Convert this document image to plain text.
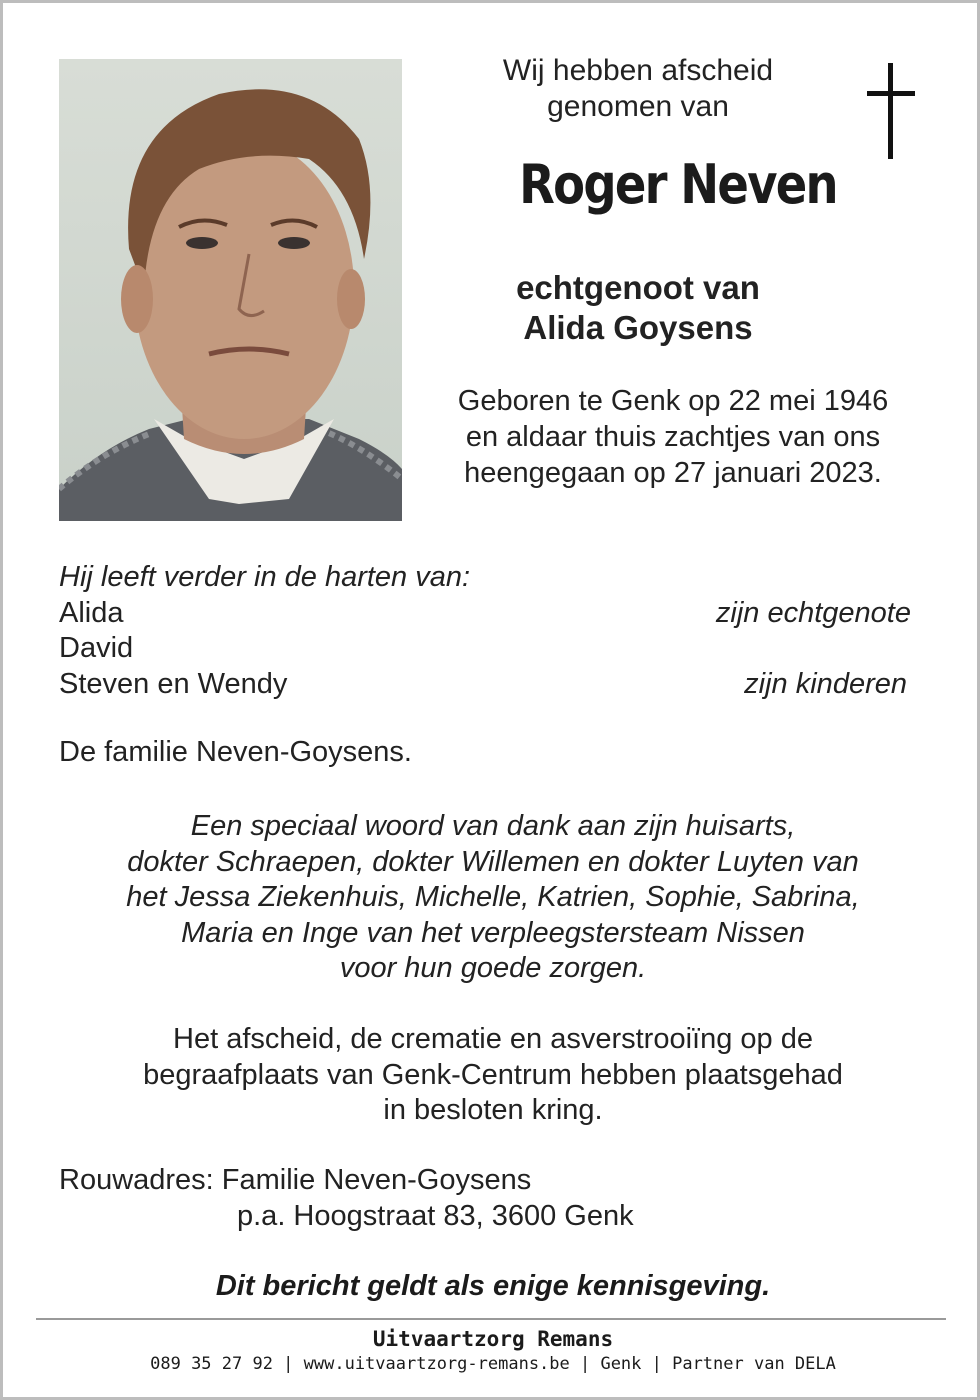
Wij hebben afscheid
genomen van
Roger Neven
echtgenoot van
Alida Goysens
Geboren te Genk op 22 mei 1946
en aldaar thuis zachtjes van ons
heengegaan op 27 januari 2023.
Hij leeft verder in de harten van:
Alida	zijn echtgenote
David
Steven en Wendy	zijn kinderen
De familie Neven-Goysens.
Een speciaal woord van dank aan zijn huisarts,
dokter Schraepen, dokter Willemen en dokter Luyten van
het Jessa Ziekenhuis, Michelle, Katrien, Sophie, Sabrina,
Maria en Inge van het verpleegstersteam Nissen
voor hun goede zorgen.
Het afscheid, de crematie en asverstrooiïng op de
begraafplaats van Genk-Centrum hebben plaatsgehad
in besloten kring.
Rouwadres: Familie Neven-Goysens
p.a. Hoogstraat 83, 3600 Genk
Dit bericht geldt als enige kennisgeving.
Uitvaartzorg Remans
089 35 27 92 | www.uitvaartzorg-remans.be | Genk | Partner van DELA
